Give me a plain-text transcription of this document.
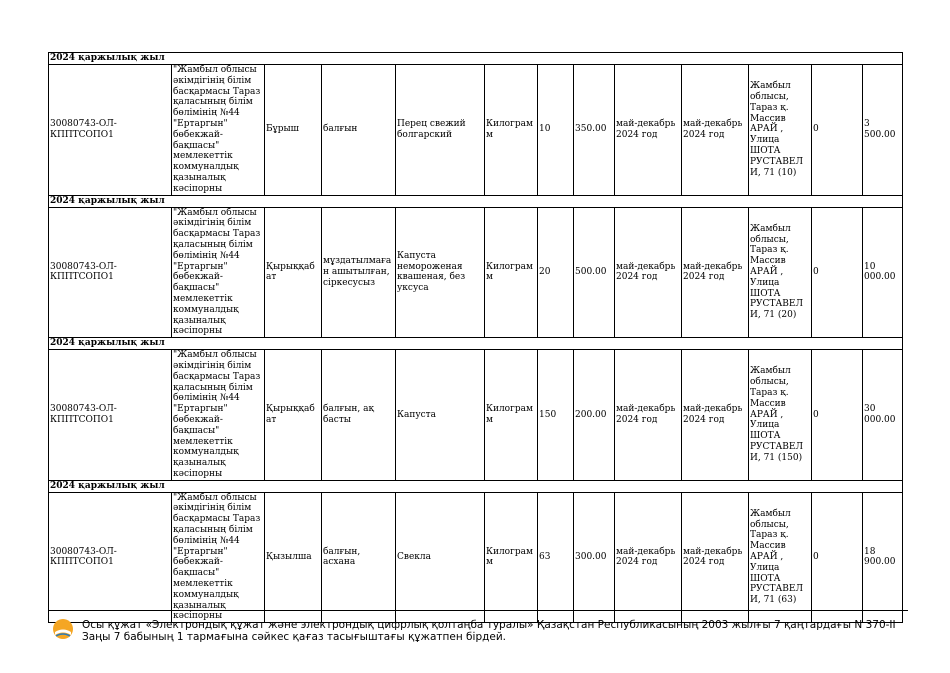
2024 қаржылық жыл												
30080743-ОЛ-КППТСОПО1	"Жамбыл облысы әкімдігінің білім басқармасы Тараз қаласының білім бөлімінің №44 "Ертаргын" бөбекжай-бақшасы" мемлекеттік коммуналдық қазыналық кәсіпорны	Бұрыш	балғын	Перец свежий болгарский	Килограмм	10	350.00	май-декабрь 2024 год	май-декабрь 2024 год	Жамбыл облысы, Тараз қ. Массив АРАЙ , Улица ШОТА РУСТАВЕЛИ, 71 (10)	0	3 500.00
2024 қаржылық жыл												
30080743-ОЛ-КППТСОПО1	"Жамбыл облысы әкімдігінің білім басқармасы Тараз қаласының білім бөлімінің №44 "Ертаргын" бөбекжай-бақшасы" мемлекеттік коммуналдық қазыналық кәсіпорны	Қырыққабат	мұздатылмаған ашытылған, сіркесусыз	Капуста немороженая квашеная, без уксуса	Килограмм	20	500.00	май-декабрь 2024 год	май-декабрь 2024 год	Жамбыл облысы, Тараз қ. Массив АРАЙ , Улица ШОТА РУСТАВЕЛИ, 71 (20)	0	10 000.00
2024 қаржылық жыл												
30080743-ОЛ-КППТСОПО1	"Жамбыл облысы әкімдігінің білім басқармасы Тараз қаласының білім бөлімінің №44 "Ертаргын" бөбекжай-бақшасы" мемлекеттік коммуналдық қазыналық кәсіпорны	Қырыққабат	балғын, ақ басты	Капуста	Килограмм	150	200.00	май-декабрь 2024 год	май-декабрь 2024 год	Жамбыл облысы, Тараз қ. Массив АРАЙ , Улица ШОТА РУСТАВЕЛИ, 71 (150)	0	30 000.00
2024 қаржылық жыл												
30080743-ОЛ-КППТСОПО1	"Жамбыл облысы әкімдігінің білім басқармасы Тараз қаласының білім бөлімінің №44 "Ертаргын" бөбекжай-бақшасы" мемлекеттік коммуналдық қазыналық кәсіпорны	Қызылша	балғын, асхана	Свекла	Килограмм	63	300.00	май-декабрь 2024 год	май-декабрь 2024 год	Жамбыл облысы, Тараз қ. Массив АРАЙ , Улица ШОТА РУСТАВЕЛИ, 71 (63)	0	18 900.00
Осы құжат «Электрондық құжат және электрондық цифрлық қолтаңба туралы» Қазақстан Республикасының 2003 жылғы 7 қаңтардағы N 370-II Заңы 7 бабының 1 тармағына сәйкес қағаз тасығыштағы құжатпен бірдей.
